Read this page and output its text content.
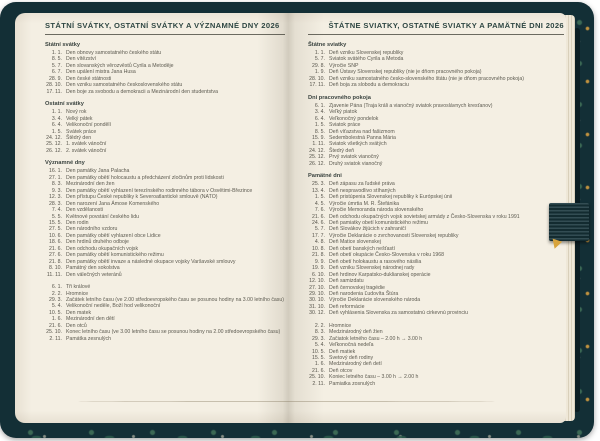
STÁTNÍ SVÁTKY, OSTATNÍ SVÁTKY A VÝZNAMNÉ DNY 2026
Státní svátky
1. 1. Den obnovy samostatného českého státu
8. 5. Den vítězství
5. 7. Den slovanských věrozvěstů Cyrila a Metoděje
6. 7. Den upálení mistra Jana Husa
28. 9. Den české státnosti
28. 10. Den vzniku samostatného československého státu
17. 11. Den boje za svobodu a demokracii a Mezinárodní den studentstva
Ostatní svátky
1. 1. Nový rok
3. 4. Velký pátek
6. 4. Velikonoční pondělí
1. 5. Svátek práce
24. 12. Štědrý den
25. 12. 1. svátek vánoční
26. 12. 2. svátek vánoční
Významné dny
16. 1. Den památky Jana Palacha
27. 1. Den památky obětí holocaustu a předcházení zločinům proti lidskosti
8. 3. Mezinárodní den žen
9. 3. Den památky obětí vyhlazení terezínského rodinného tábora v Osvětimi-Březince
12. 3. Den přístupu České republiky k Severoatlantické smlouvě (NATO)
28. 3. Den narození Jana Ámose Komenského
7. 4. Den vzdělanosti
5. 5. Květnové povstání českého lidu
15. 5. Den rodin
27. 5. Den národního vzdoru
10. 6. Den památky obětí vyhlazení obce Lidice
18. 6. Den hrdinů druhého odboje
21. 6. Den odchodu okupačních vojsk
27. 6. Den památky obětí komunistického režimu
21. 8. Den památky obětí invaze a následné okupace vojsky Varšavské smlouvy
8. 10. Památný den sokolstva
11. 11. Den válečných veteránů
6. 1. Tři králové
2. 2. Hromnice
29. 3. Začátek letního času (ve 2.00 středoevropského času se posunou hodiny na 3.00 letního času)
5. 4. Velikonoční neděle, Boží hod velikonoční
10. 5. Den matek
1. 6. Mezinárodní den dětí
21. 6. Den otců
25. 10. Konec letního času (ve 3.00 letního času se posunou hodiny na 2.00 středoevropského času)
2. 11. Památka zesnulých
ŠTÁTNE SVIATKY, OSTATNÉ SVIATKY A PAMÄTNÉ DNI 2026
Štátne sviatky
1. 1. Deň vzniku Slovenskej republiky
5. 7. Sviatok svätého Cyrila a Metoda
29. 8. Výročie SNP
1. 9. Deň Ústavy Slovenskej republiky (nie je dňom pracovného pokoja)
28. 10. Deň vzniku samostatného česko-slovenského štátu (nie je dňom pracovného pokoja)
17. 11. Deň boja za slobodu a demokraciu
Dni pracovného pokoja
6. 1. Zjavenie Pána (Traja králi a vianočný sviatok pravoslávnych kresťanov)
3. 4. Veľký piatok
6. 4. Veľkonočný pondelok
1. 5. Sviatok práce
8. 5. Deň víťazstva nad fašizmom
15. 9. Sedembolestná Panna Mária
1. 11. Sviatok všetkých svätých
24. 12. Štedrý deň
25. 12. Prvý sviatok vianočný
26. 12. Druhý sviatok vianočný
Pamätné dni
25. 3. Deň zápasu za ľudské práva
13. 4. Deň nespravodlivo stíhaných
1. 5. Deň pristúpenia Slovenskej republiky k Európskej únii
4. 5. Výročie úmrtia M. R. Štefánika
7. 6. Výročie Memoranda národa slovenského
21. 6. Deň odchodu okupačných vojsk sovietskej armády z Česko-Slovenska v roku 1991
24. 6. Deň pamiatky obetí komunistického režimu
5. 7. Deň Slovákov žijúcich v zahraničí
17. 7. Výročie Deklarácie o zvrchovanosti Slovenskej republiky
4. 8. Deň Matice slovenskej
10. 8. Deň obetí banských nešťastí
21. 8. Deň obetí okupácie Česko-Slovenska v roku 1968
9. 9. Deň obetí holokaustu a rasového násilia
19. 9. Deň vzniku Slovenskej národnej rady
6. 10. Deň hrdinov Karpatsko-duklianskej operácie
12. 10. Deň samizdatu
27. 10. Deň černovskej tragédie
29. 10. Deň narodenia Ľudovíta Štúra
30. 10. Výročie Deklarácie slovenského národa
31. 10. Deň reformácie
30. 12. Deň vyhlásenia Slovenska za samostatnú cirkevnú provinciu
2. 2. Hromnice
8. 3. Medzinárodný deň žien
29. 3. Začiatok letného času – 2.00 h → 3.00 h
5. 4. Veľkonočná nedeľa
10. 5. Deň matiek
15. 5. Svetový deň rodiny
1. 6. Medzinárodný deň detí
21. 6. Deň otcov
25. 10. Koniec letného času – 3.00 h → 2.00 h
2. 11. Pamiatka zosnulých
